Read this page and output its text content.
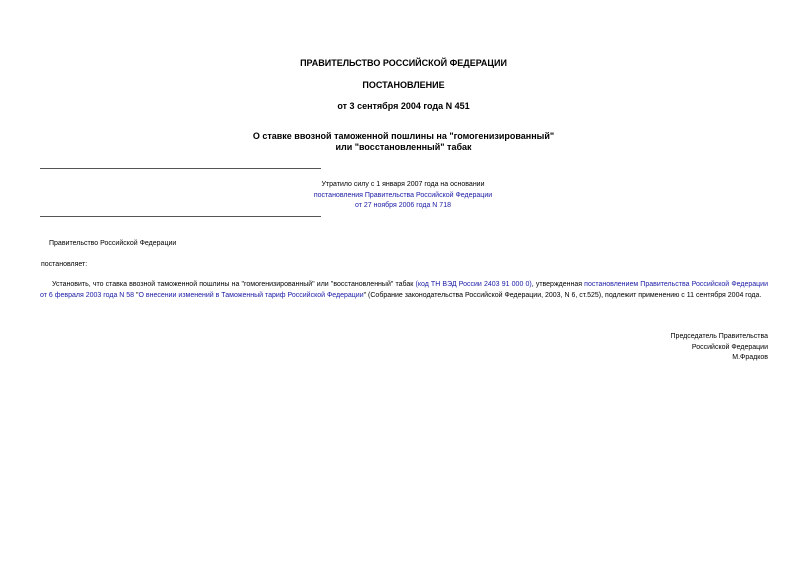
ПРАВИТЕЛЬСТВО РОССИЙСКОЙ ФЕДЕРАЦИИ
ПОСТАНОВЛЕНИЕ
от 3 сентября 2004 года N 451
О ставке ввозной таможенной пошлины на "гомогенизированный"
или "восстановленный" табак
Утратило силу с 1 января 2007 года на основании
постановления Правительства Российской Федерации
от 27 ноября 2006 года N 718
Правительство Российской Федерации
постановляет:
Установить, что ставка ввозной таможенной пошлины на "гомогенизированный" или "восстановленный" табак (код ТН ВЭД России 2403 91 000 0), утвержденная постановлением Правительства Российской Федерации от 6 февраля 2003 года N 58 "О внесении изменений в Таможенный тариф Российской Федерации" (Собрание законодательства Российской Федерации, 2003, N 6, ст.525), подлежит применению с 11 сентября 2004 года.
Председатель Правительства
Российской Федерации
М.Фрадков
